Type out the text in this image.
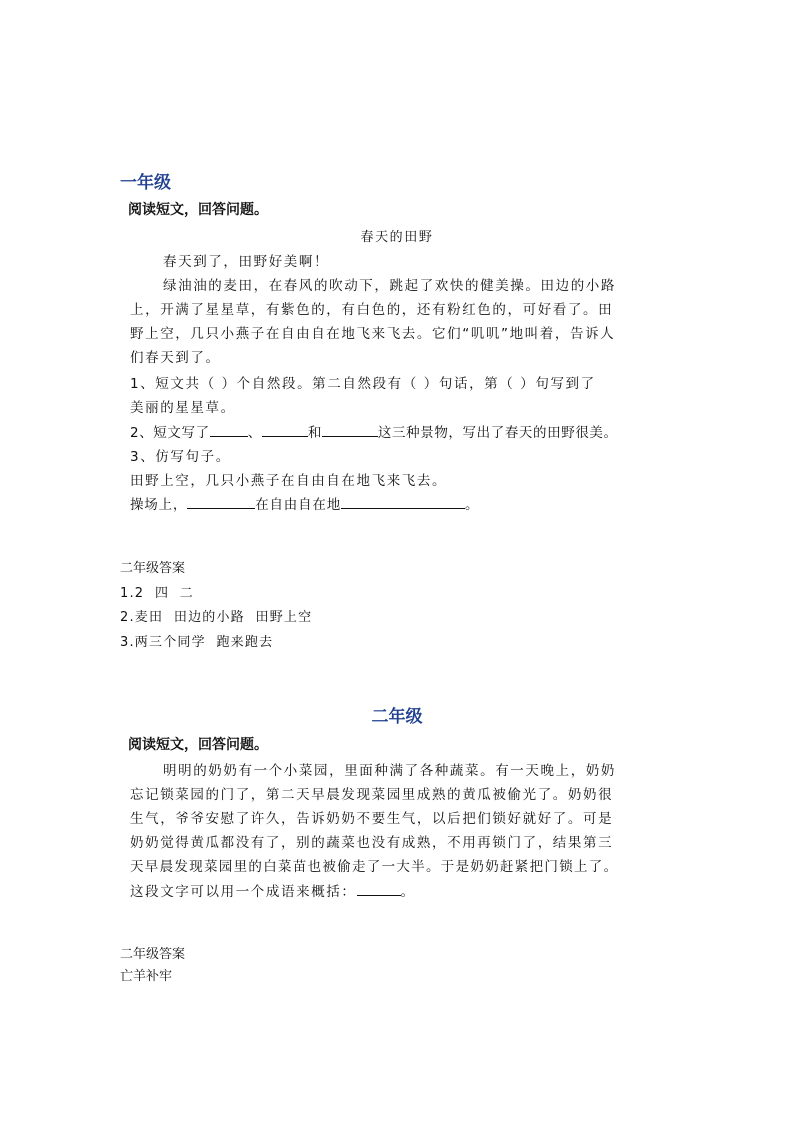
一年级
阅读短文，回答问题。
春天的田野
春天到了，田野好美啊！
绿油油的麦田，在春风的吹动下，跳起了欢快的健美操。田边的小路
上，开满了星星草，有紫色的，有白色的，还有粉红色的，可好看了。田
野上空，几只小燕子在自由自在地飞来飞去。它们“叽叽”地叫着，告诉人
们春天到了。
1、短文共（ ）个自然段。第二自然段有（ ）句话，第（ ）句写到了
美丽的星星草。
2、短文写了	、	和	这三种景物，写出了春天的田野很美。
3、仿写句子。
田野上空，几只小燕子在自由自在地飞来飞去。
操场上，	在自由自在地	。
二年级答案
1.2  四  二
2.麦田  田边的小路  田野上空
3.两三个同学  跑来跑去
二年级
阅读短文，回答问题。
明明的奶奶有一个小菜园，里面种满了各种蔬菜。有一天晚上，奶奶
忘记锁菜园的门了，第二天早晨发现菜园里成熟的黄瓜被偷光了。奶奶很
生气，爷爷安慰了许久，告诉奶奶不要生气，以后把们锁好就好了。可是
奶奶觉得黄瓜都没有了，别的蔬菜也没有成熟，不用再锁门了，结果第三
天早晨发现菜园里的白菜苗也被偷走了一大半。于是奶奶赶紧把门锁上了。
这段文字可以用一个成语来概括：	。
二年级答案
亡羊补牢
